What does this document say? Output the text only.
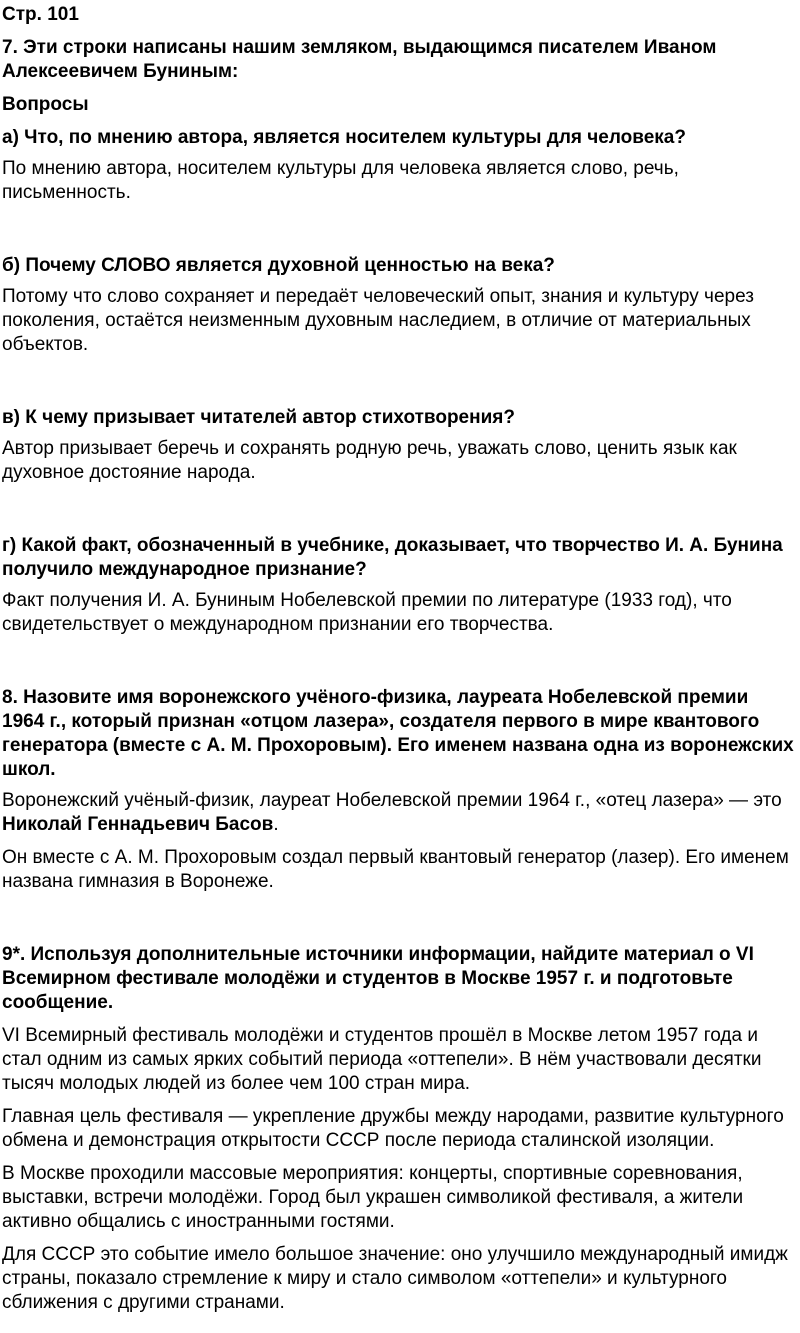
Стр. 101

7. Эти строки написаны нашим земляком, выдающимся писателем Иваном Алексеевичем Буниным:

Вопросы

а) Что, по мнению автора, является носителем культуры для человека?

По мнению автора, носителем культуры для человека является слово, речь, письменность.

б) Почему СЛОВО является духовной ценностью на века?

Потому что слово сохраняет и передаёт человеческий опыт, знания и культуру через поколения, остаётся неизменным духовным наследием, в отличие от материальных объектов.

в) К чему призывает читателей автор стихотворения?

Автор призывает беречь и сохранять родную речь, уважать слово, ценить язык как духовное достояние народа.

г) Какой факт, обозначенный в учебнике, доказывает, что творчество И. А. Бунина получило международное признание?

Факт получения И. А. Буниным Нобелевской премии по литературе (1933 год), что свидетельствует о международном признании его творчества.

8. Назовите имя воронежского учёного-физика, лауреата Нобелевской премии 1964 г., который признан «отцом лазера», создателя первого в мире квантового генератора (вместе с А. М. Прохоровым). Его именем названа одна из воронежских школ.

Воронежский учёный-физик, лауреат Нобелевской премии 1964 г., «отец лазера» — это

Николай Геннадьевич Басов.

Он вместе с А. М. Прохоровым создал первый квантовый генератор (лазер). Его именем названа гимназия в Воронеже.

9*. Используя дополнительные источники информации, найдите материал о VI Всемирном фестивале молодёжи и студентов в Москве 1957 г. и подготовьте сообщение.

VI Всемирный фестиваль молодёжи и студентов прошёл в Москве летом 1957 года и стал одним из самых ярких событий периода «оттепели». В нём участвовали десятки тысяч молодых людей из более чем 100 стран мира.

Главная цель фестиваля — укрепление дружбы между народами, развитие культурного обмена и демонстрация открытости СССР после периода сталинской изоляции.

В Москве проходили массовые мероприятия: концерты, спортивные соревнования, выставки, встречи молодёжи. Город был украшен символикой фестиваля, а жители активно общались с иностранными гостями.

Для СССР это событие имело большое значение: оно улучшило международный имидж страны, показало стремление к миру и стало символом «оттепели» и культурного сближения с другими странами.
